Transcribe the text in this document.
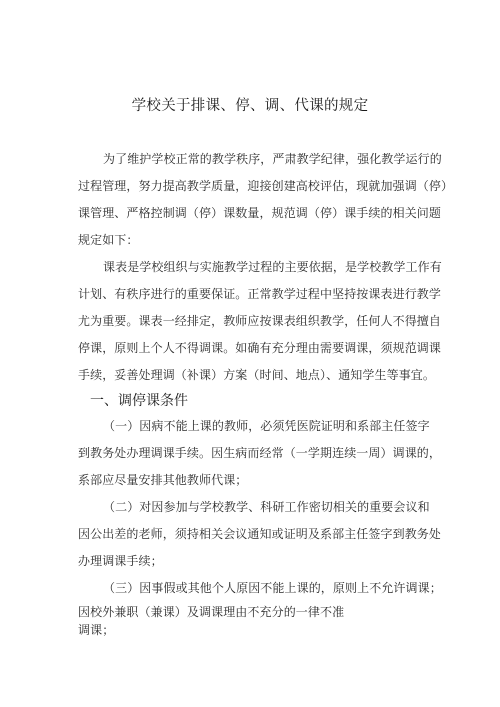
学校关于排课、停、调、代课的规定
为了维护学校正常的教学秩序，严肃教学纪律，强化教学运行的
过程管理，努力提高教学质量，迎接创建高校评估，现就加强调（停）
课管理、严格控制调（停）课数量，规范调（停）课手续的相关问题
规定如下：
课表是学校组织与实施教学过程的主要依据，是学校教学工作有
计划、有秩序进行的重要保证。正常教学过程中坚持按课表进行教学
尤为重要。课表一经排定，教师应按课表组织教学，任何人不得擅自
停课，原则上个人不得调课。如确有充分理由需要调课，须规范调课
手续，妥善处理调（补课）方案（时间、地点）、通知学生等事宜。
一、调停课条件
（一）因病不能上课的教师，必须凭医院证明和系部主任签字
到教务处办理调课手续。因生病而经常（一学期连续一周）调课的，
系部应尽量安排其他教师代课；
（二）对因参加与学校教学、科研工作密切相关的重要会议和
因公出差的老师，须持相关会议通知或证明及系部主任签字到教务处
办理调课手续；
（三）因事假或其他个人原因不能上课的，原则上不允许调课；
因校外兼职（兼课）及调课理由不充分的一律不准
调课；
